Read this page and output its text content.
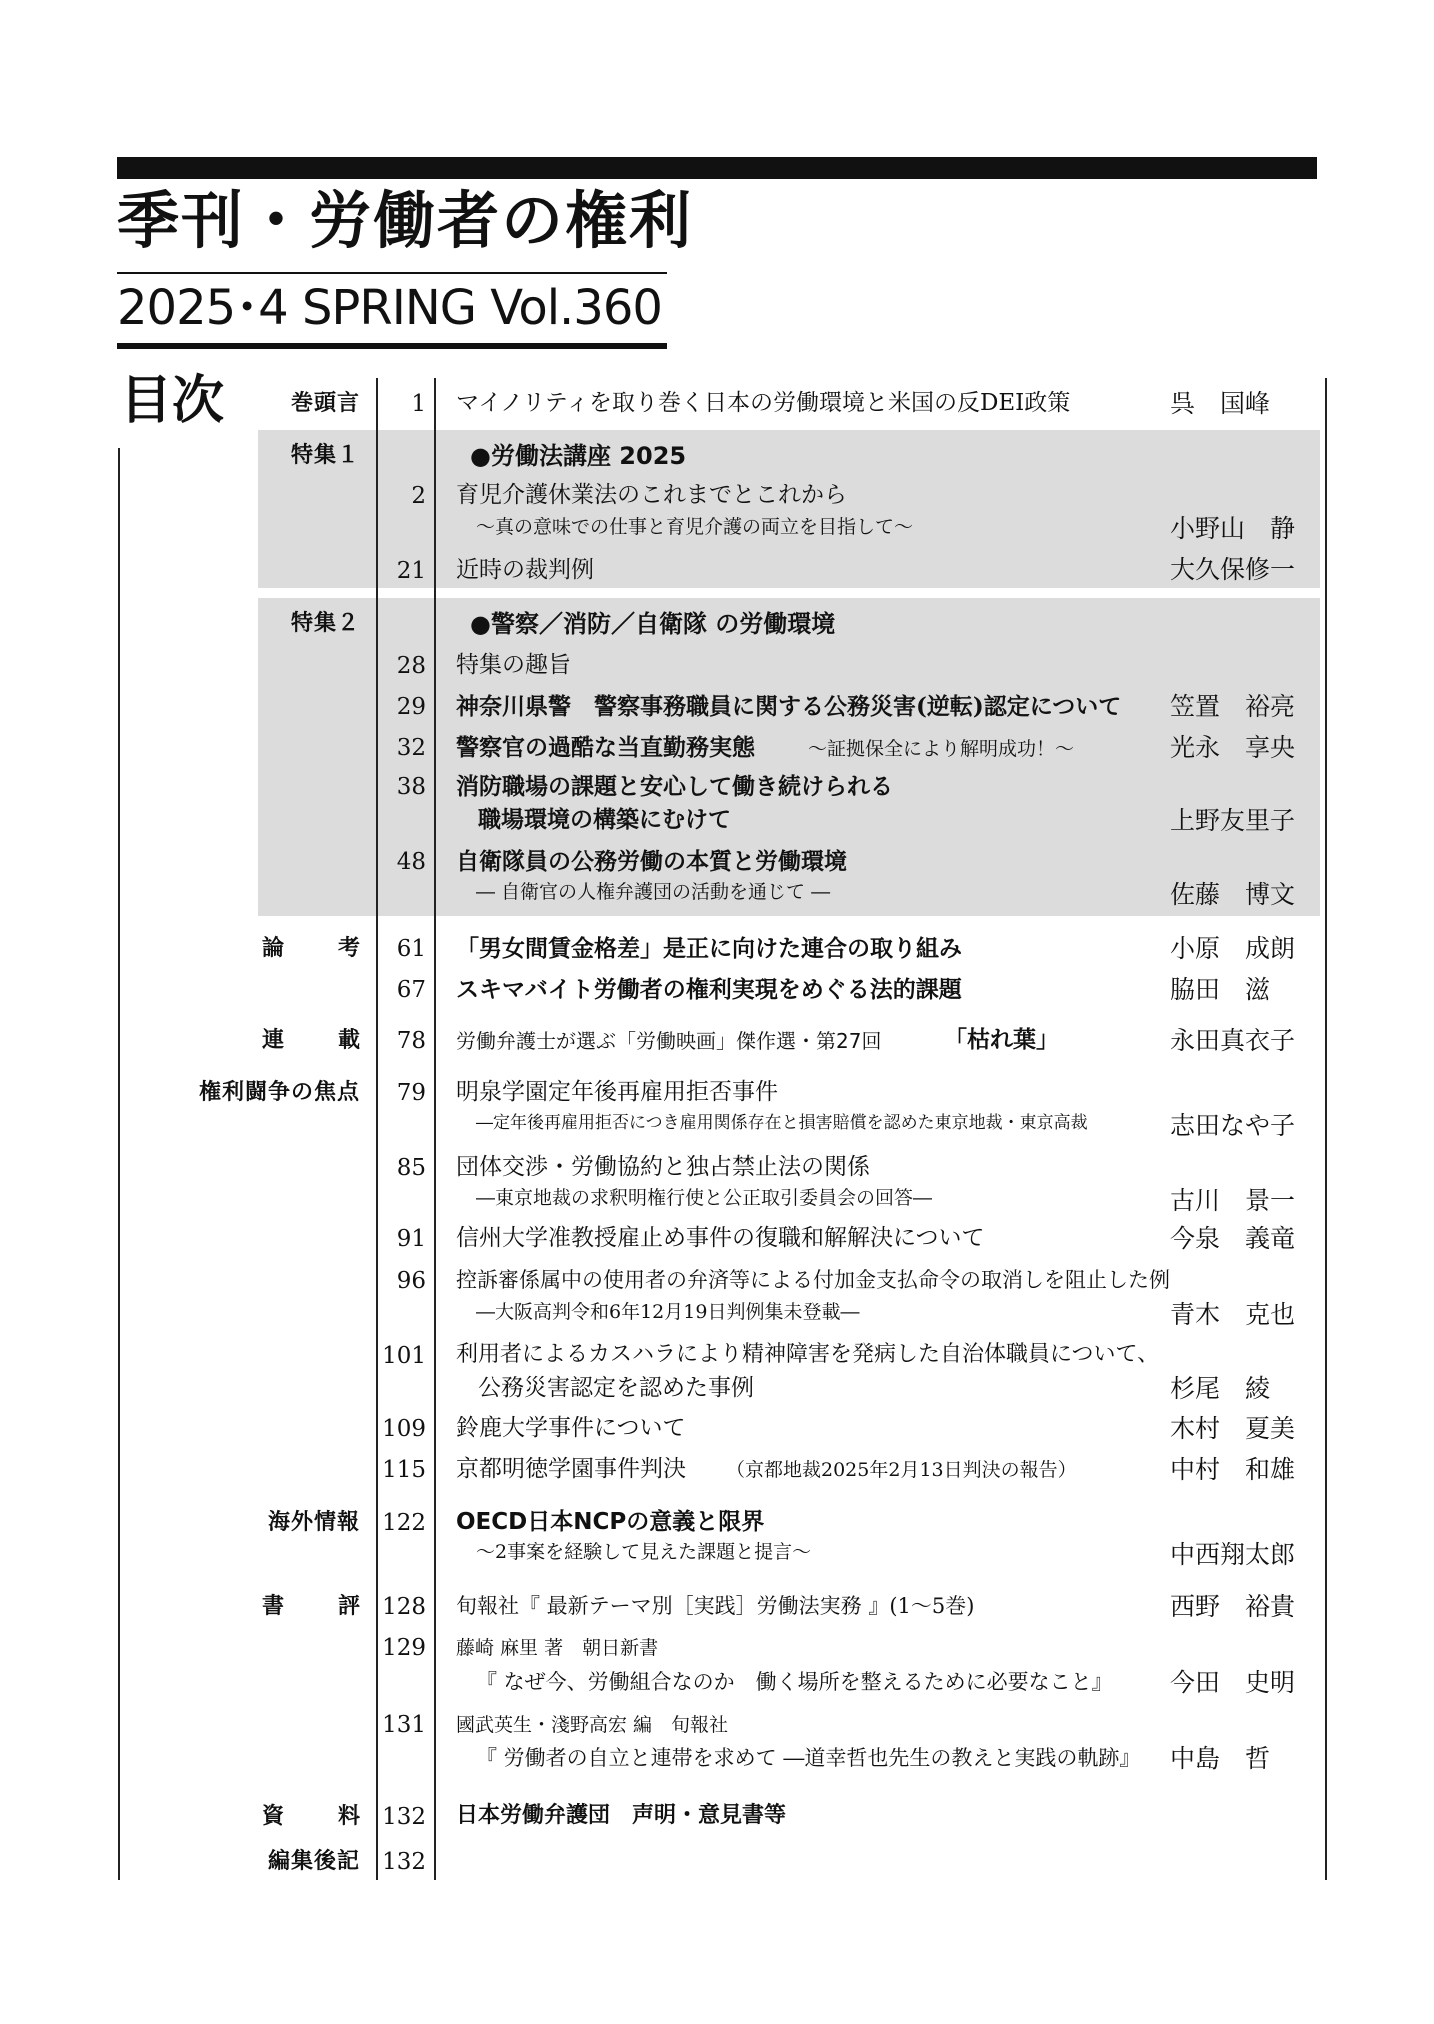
季刊・労働者の権利
2025･4 SPRING Vol.360
目次	巻頭言 1 マイノリティを取り巻く日本の労働環境と米国の反DEI政策	呉　国峰
特集１	●労働法講座 2025
2 育児介護休業法のこれまでとこれから
～真の意味での仕事と育児介護の両立を目指して～	小野山　静
21 近時の裁判例	大久保修一
特集２	●警察／消防／自衛隊 の労働環境
28 特集の趣旨
29 神奈川県警　警察事務職員に関する公務災害(逆転)認定について 笠置　裕亮
32 警察官の過酷な当直勤務実態	～証拠保全により解明成功！～	光永　享央
38 消防職場の課題と安心して働き続けられる
職場環境の構築にむけて	上野友里子
48 自衛隊員の公務労働の本質と労働環境
― 自衛官の人権弁護団の活動を通じて ―	佐藤　博文
論　考 61 「男女間賃金格差」是正に向けた連合の取り組み	小原　成朗
67 スキマバイト労働者の権利実現をめぐる法的課題	脇田　滋
連　載 78 労働弁護士が選ぶ「労働映画」傑作選・第27回	「枯れ葉」	永田真衣子
権利闘争の焦点 79 明泉学園定年後再雇用拒否事件
―定年後再雇用拒否につき雇用関係存在と損害賠償を認めた東京地裁・東京高裁	志田なや子
85 団体交渉・労働協約と独占禁止法の関係
―東京地裁の求釈明権行使と公正取引委員会の回答―	古川　景一
91 信州大学准教授雇止め事件の復職和解解決について	今泉　義竜
96 控訴審係属中の使用者の弁済等による付加金支払命令の取消しを阻止した例
―大阪高判令和6年12月19日判例集未登載―	青木　克也
101 利用者によるカスハラにより精神障害を発病した自治体職員について、
公務災害認定を認めた事例	杉尾　綾
109 鈴鹿大学事件について	木村　夏美
115 京都明徳学園事件判決 （京都地裁2025年2月13日判決の報告）	中村　和雄
海外情報 122 OECD日本NCPの意義と限界
～2事案を経験して見えた課題と提言～	中西翔太郎
書　評 128 旬報社『 最新テーマ別［実践］労働法実務 』(1～5巻)	西野　裕貴
129 藤崎 麻里 著　朝日新書
『 なぜ今、労働組合なのか　働く場所を整えるために必要なこと』 今田　史明
131 國武英生・淺野高宏 編　旬報社
『 労働者の自立と連帯を求めて ―道幸哲也先生の教えと実践の軌跡』 中島　哲
資　料 132 日本労働弁護団　声明・意見書等
編集後記 132
